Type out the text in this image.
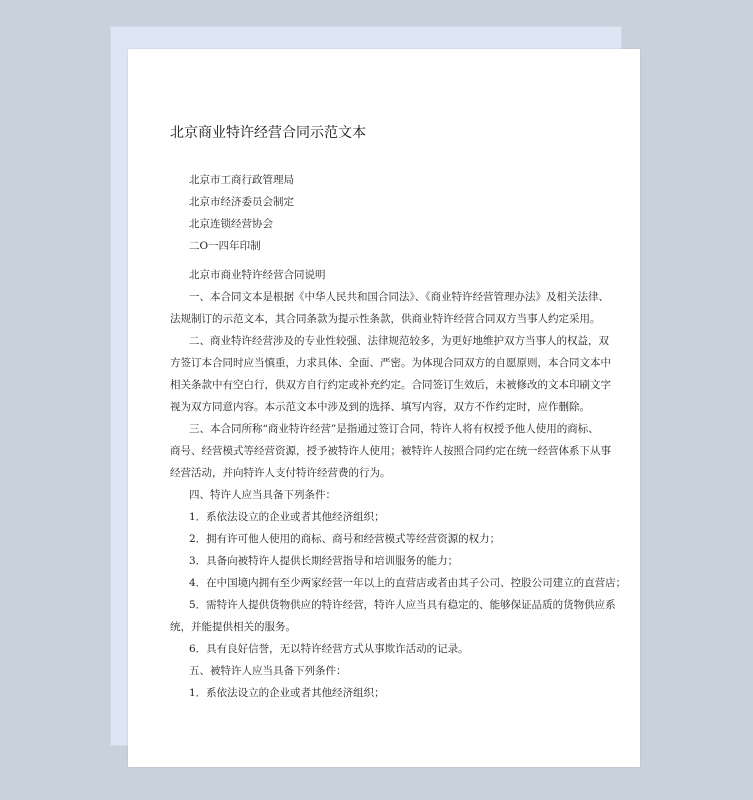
北京商业特许经营合同示范文本
北京市工商行政管理局
北京市经济委员会制定
北京连锁经营协会
二O一四年印制
北京市商业特许经营合同说明
一、本合同文本是根据《中华人民共和国合同法》、《商业特许经营管理办法》及相关法律、
法规制订的示范文本，其合同条款为提示性条款，供商业特许经营合同双方当事人约定采用。
二、商业特许经营涉及的专业性较强、法律规范较多，为更好地维护双方当事人的权益，双
方签订本合同时应当慎重，力求具体、全面、严密。为体现合同双方的自愿原则，本合同文本中
相关条款中有空白行，供双方自行约定或补充约定。合同签订生效后，未被修改的文本印刷文字
视为双方同意内容。本示范文本中涉及到的选择、填写内容，双方不作约定时，应作删除。
三、本合同所称“商业特许经营”是指通过签订合同，特许人将有权授予他人使用的商标、
商号、经营模式等经营资源，授予被特许人使用；被特许人按照合同约定在统一经营体系下从事
经营活动，并向特许人支付特许经营费的行为。
四、特许人应当具备下列条件：
1．系依法设立的企业或者其他经济组织；
2．拥有许可他人使用的商标、商号和经营模式等经营资源的权力；
3．具备向被特许人提供长期经营指导和培训服务的能力；
4．在中国境内拥有至少两家经营一年以上的直营店或者由其子公司、控股公司建立的直营店；
5．需特许人提供货物供应的特许经营，特许人应当具有稳定的、能够保证品质的货物供应系
统，并能提供相关的服务。
6．具有良好信誉，无以特许经营方式从事欺诈活动的记录。
五、被特许人应当具备下列条件：
1．系依法设立的企业或者其他经济组织；
